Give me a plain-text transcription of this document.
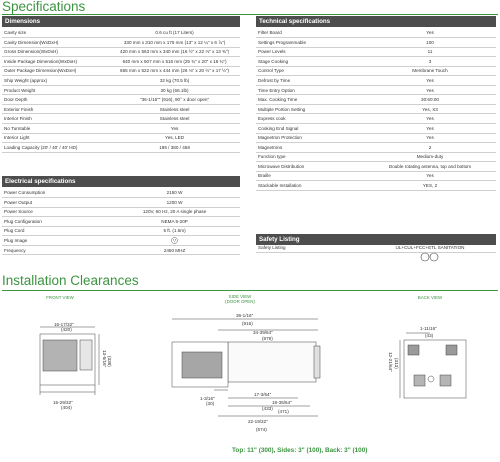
Specifications
Dimensions
Cavity size	0.6 cu ft (17 Liters)
Cavity Dimension(WxDxH)	330 mm x 310 mm x 175 mm (13" x 12 ¼" x 6 ⅞")
Gross Dimension(WxDxH)	420 mm x 563 mm x 340 mm (16 ½" x 22 ⅛" x 13 ⅜")
Inside Package Dimension(WxDxH)	640 mm x 507 mm x 516 mm (25 ¾" x 20" x 16 ¾")
Outer Package Dimension(WxDxH)	665 mm x 522 mm x 444 mm (26 ⅛" x 20 ½" x 17 ½")
Ship Weight (approx)	32 kg (70.5 lb)
Product Weight	30 kg (66.1lb)
Door Depth	"36-1/16"" (916), 90° x door open"
Exterior Finish	Stainless steel
Interior Finish	Stainless steel
No Turntable	Yes
Interior Light	Yes, LED
Loading Capacity (20' / 40' / 40' HD)	185 / 380 / 458
Electrical specifications
Power Consumption	2150 W
Power Output	1200 W
Power Source	120V, 60 Hz, 20 A single phase
Plug Configuration	NEMA 5-20P
Plug Cord	5 ft. (1.5m)
Plug Image	
Frequency	2450 MHZ
Technical specifications
Filter Board	Yes
Settings Programmable	100
Power Levels	11
Stage Cooking	3
Control Type	Membrane Touch
Defrost by Time	Yes
Time Entry Option	Yes
Max. Cooking Time	30:60:00
Multiple Portion Setting	Yes, X3
Express cook	Yes
Cooking End Signal	Yes
Magnetron Protection	Yes
Magnetrons	2
Function type	Medium-duty
Microwave Distribution	Double rotating antenna, top and bottom
Braille	Yes
Stackable Installation	YES, 2
Safety Listing
Safety Listing	UL+CUL+FCC+ETL SANITATION
Installation Clearances
FRONT VIEW	SIDE VIEW
(DOOR OPEN)
BACK VIEW
16-17/32"
(420)
13-5/16" (338)
15-29/32"
(404)
36-1/16"
(916)
34-39/64"
(879)
1-3/16"
(30)
17-3/64"
(433)
18-35/64"
(471)
22-19/32"
(574)
1-11/16"
(43)
12-21/64" (313)
Top: 11" (300), Sides: 3" (100), Back: 3" (100)
